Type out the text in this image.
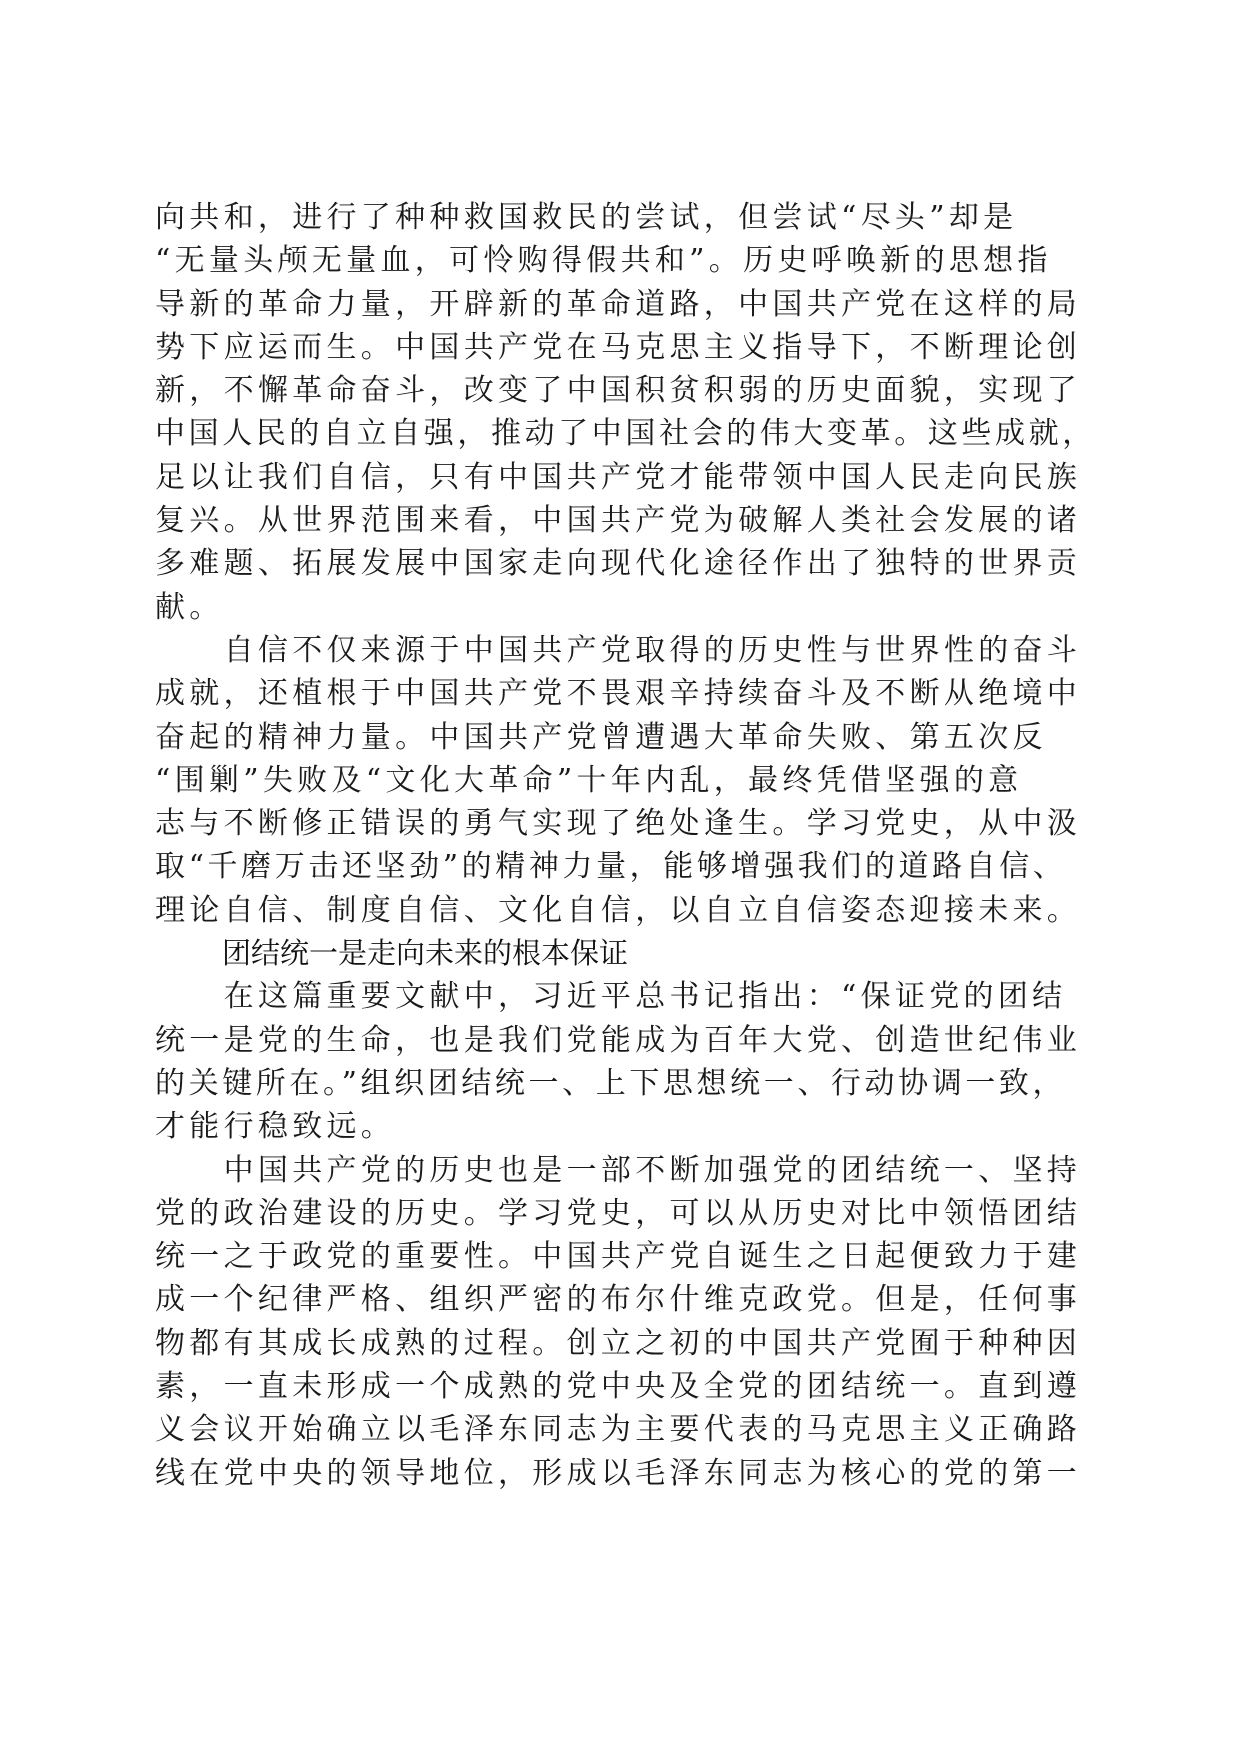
向共和，进行了种种救国救民的尝试，但尝试“尽头”却是
“无量头颅无量血，可怜购得假共和”。历史呼唤新的思想指
导新的革命力量，开辟新的革命道路，中国共产党在这样的局
势下应运而生。中国共产党在马克思主义指导下，不断理论创
新，不懈革命奋斗，改变了中国积贫积弱的历史面貌，实现了
中国人民的自立自强，推动了中国社会的伟大变革。这些成就，
足以让我们自信，只有中国共产党才能带领中国人民走向民族
复兴。从世界范围来看，中国共产党为破解人类社会发展的诸
多难题、拓展发展中国家走向现代化途径作出了独特的世界贡
献。
　　自信不仅来源于中国共产党取得的历史性与世界性的奋斗
成就，还植根于中国共产党不畏艰辛持续奋斗及不断从绝境中
奋起的精神力量。中国共产党曾遭遇大革命失败、第五次反
“围剿”失败及“文化大革命”十年内乱，最终凭借坚强的意
志与不断修正错误的勇气实现了绝处逢生。学习党史，从中汲
取“千磨万击还坚劲”的精神力量，能够增强我们的道路自信、
理论自信、制度自信、文化自信，以自立自信姿态迎接未来。
团结统一是走向未来的根本保证
　　在这篇重要文献中，习近平总书记指出：“保证党的团结
统一是党的生命，也是我们党能成为百年大党、创造世纪伟业
的关键所在。”组织团结统一、上下思想统一、行动协调一致，
才能行稳致远。
　　中国共产党的历史也是一部不断加强党的团结统一、坚持
党的政治建设的历史。学习党史，可以从历史对比中领悟团结
统一之于政党的重要性。中国共产党自诞生之日起便致力于建
成一个纪律严格、组织严密的布尔什维克政党。但是，任何事
物都有其成长成熟的过程。创立之初的中国共产党囿于种种因
素，一直未形成一个成熟的党中央及全党的团结统一。直到遵
义会议开始确立以毛泽东同志为主要代表的马克思主义正确路
线在党中央的领导地位，形成以毛泽东同志为核心的党的第一
